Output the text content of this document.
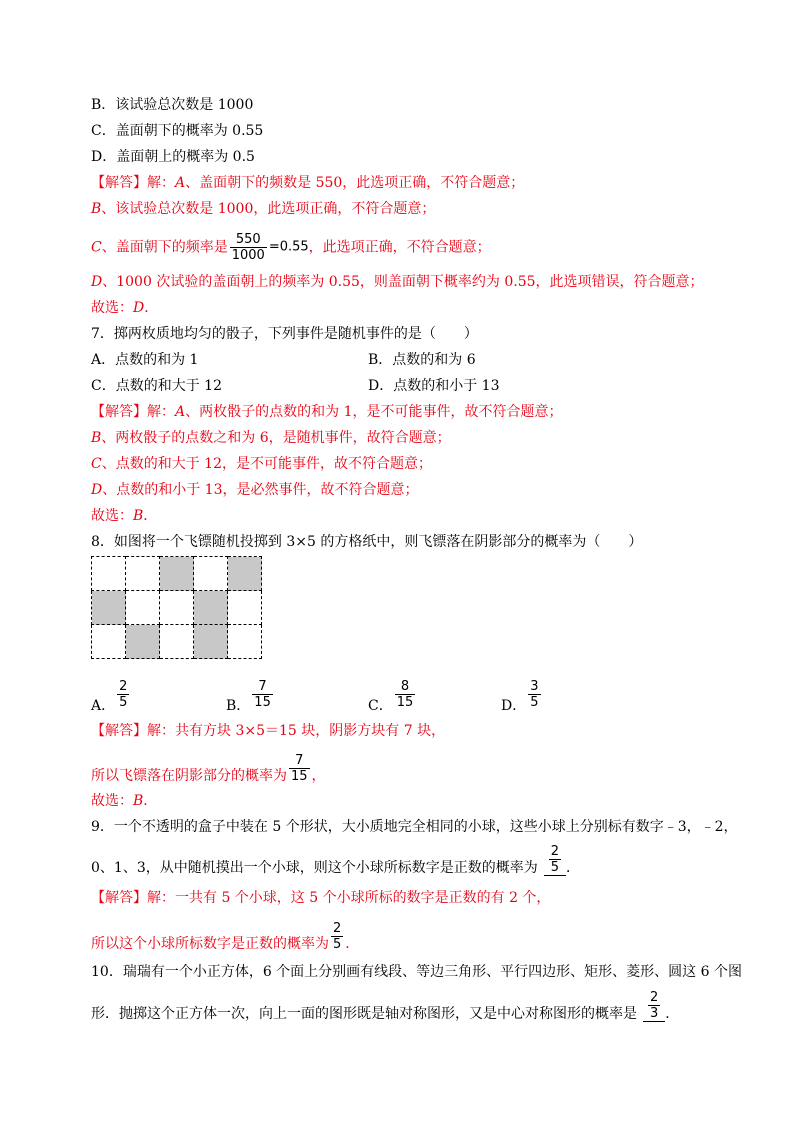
B．该试验总次数是 1000
C．盖面朝下的概率为 0.55
D．盖面朝上的概率为 0.5
【解答】解：A、盖面朝下的频数是 550，此选项正确，不符合题意；
B、该试验总次数是 1000，此选项正确，不符合题意；
C、盖面朝下的频率是 $\frac{550}{1000} =0.55$，此选项正确，不符合题意；
D、1000 次试验的盖面朝上的频率为 0.55，则盖面朝下概率约为 0.55，此选项错误，符合题意；
故选：D．
7．掷两枚质地均匀的骰子，下列事件是随机事件的是（　　）
A．点数的和为 1	B．点数的和为 6
C．点数的和大于 12	D．点数的和小于 13
【解答】解：A、两枚骰子的点数的和为 1，是不可能事件，故不符合题意；
B、两枚骰子的点数之和为 6，是随机事件，故符合题意；
C、点数的和大于 12，是不可能事件，故不符合题意；
D、点数的和小于 13，是必然事件，故不符合题意；
故选：B．
8．如图将一个飞镖随机投掷到 3×5 的方格纸中，则飞镖落在阴影部分的概率为（　　）

A． $\frac{2}{5}$	B． $\frac{7}{15}$	C． $\frac{8}{15}$	D． $\frac{3}{5}$
【解答】解：共有方块 3×5＝15 块，阴影方块有 7 块，
所以飞镖落在阴影部分的概率为 $\frac{7}{15}$ ，
故选：B．
9．一个不透明的盒子中装在 5 个形状，大小质地完全相同的小球，这些小球上分别标有数字﹣3，﹣2，
0、1、3，从中随机摸出一个小球，则这个小球所标数字是正数的概率为 $\frac{2}{5}$ ．
【解答】解：一共有 5 个小球，这 5 个小球所标的数字是正数的有 2 个，
所以这个小球所标数字是正数的概率为 $\frac{2}{5}$ ．
10．瑞瑞有一个小正方体，6 个面上分别画有线段、等边三角形、平行四边形、矩形、菱形、圆这 6 个图
形．抛掷这个正方体一次，向上一面的图形既是轴对称图形，又是中心对称图形的概率是 $\frac{2}{3}$ ．
